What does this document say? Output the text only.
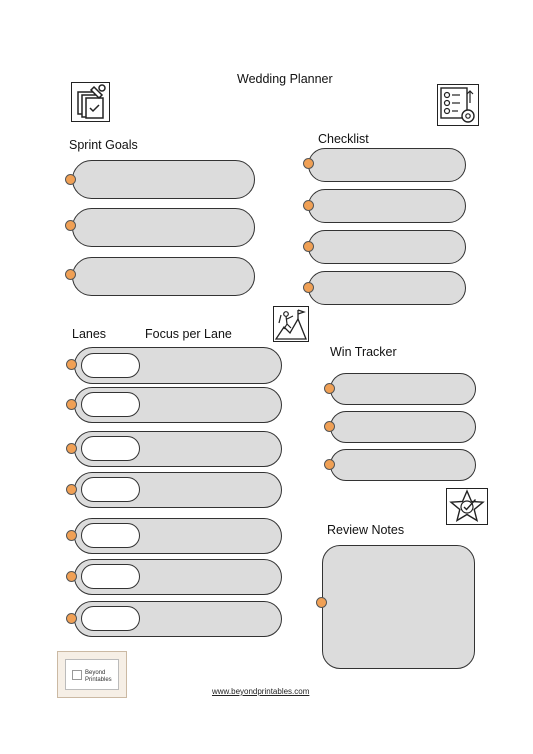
Wedding Planner
Sprint Goals	Checklist
Lanes	Focus per Lane
Win Tracker
Review Notes
Beyond
Printables
www.beyondprintables.com
